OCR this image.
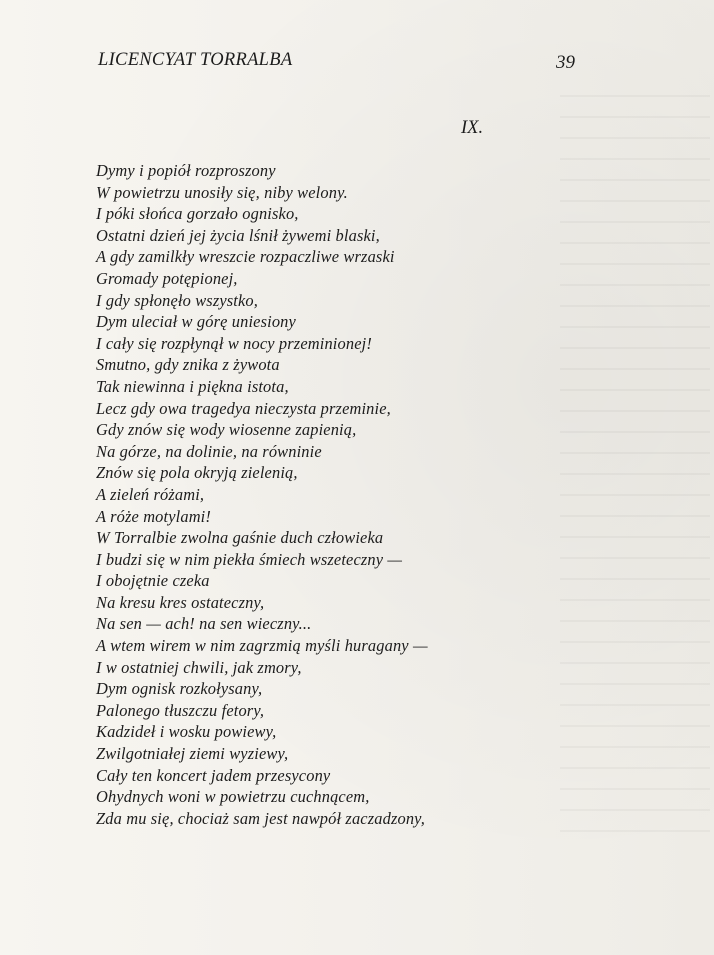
LICENCYAT TORRALBA	39
IX.
Dymy i popiół rozproszony
W powietrzu unosiły się, niby welony.
I póki słońca gorzało ognisko,
Ostatni dzień jej życia lśnił żywemi blaski,
A gdy zamilkły wreszcie rozpaczliwe wrzaski
Gromady potępionej,
I gdy spłonęło wszystko,
Dym uleciał w górę uniesiony
I cały się rozpłynął w nocy przeminionej!
Smutno, gdy znika z żywota
Tak niewinna i piękna istota,
Lecz gdy owa tragedya nieczysta przeminie,
Gdy znów się wody wiosenne zapienią,
Na górze, na dolinie, na równinie
Znów się pola okryją zielenią,
A zieleń różami,
A róże motylami!
W Torralbie zwolna gaśnie duch człowieka
I budzi się w nim piekła śmiech wszeteczny —
I obojętnie czeka
Na kresu kres ostateczny,
Na sen — ach! na sen wieczny...
A wtem wirem w nim zagrzmią myśli huragany —
I w ostatniej chwili, jak zmory,
Dym ognisk rozkołysany,
Palonego tłuszczu fetory,
Kadzideł i wosku powiewy,
Zwilgotniałej ziemi wyziewy,
Cały ten koncert jadem przesycony
Ohydnych woni w powietrzu cuchnącem,
Zda mu się, chociaż sam jest nawpół zaczadzony,
